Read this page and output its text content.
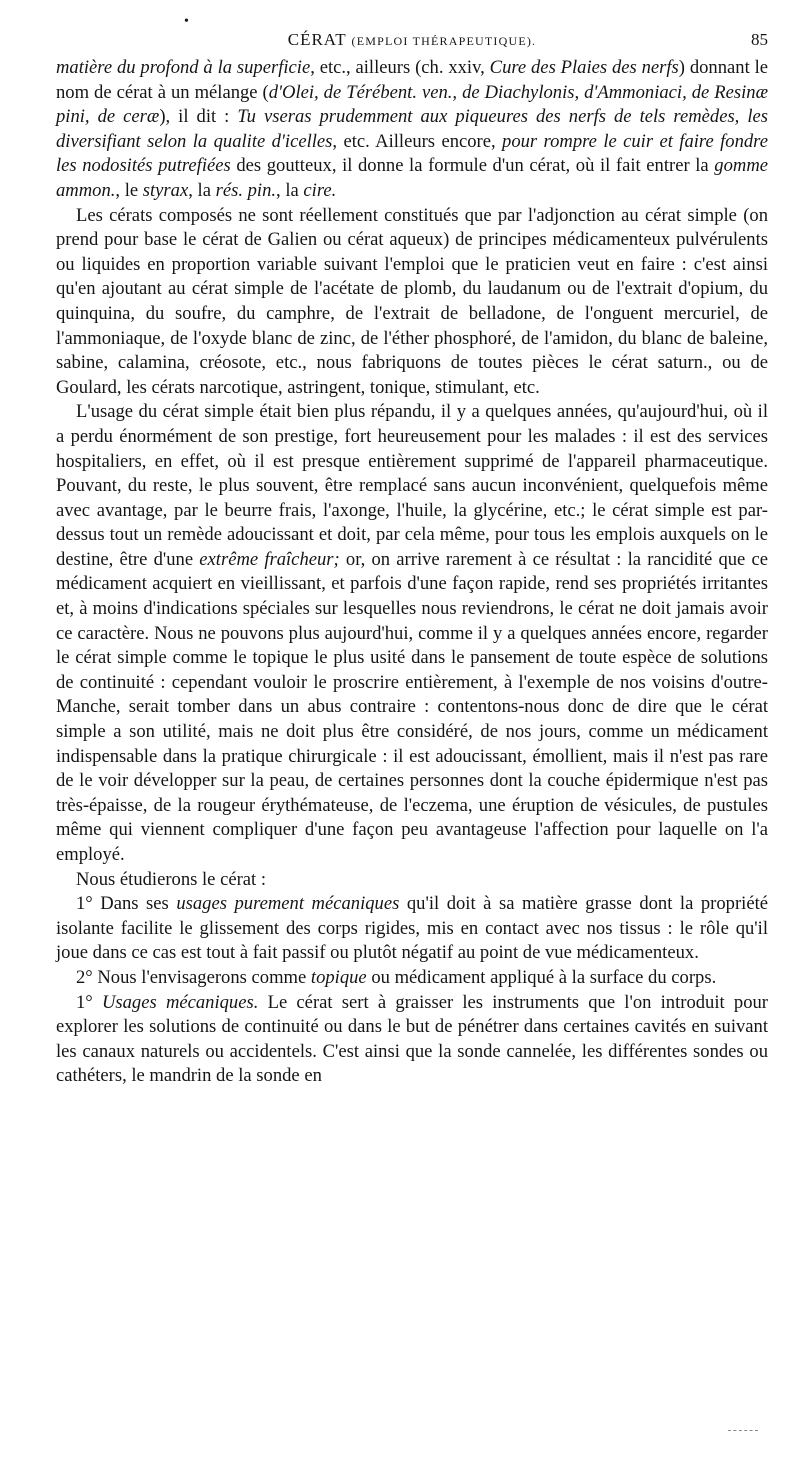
•
CÉRAT (EMPLOI THÉRAPEUTIQUE).	85

matière du profond à la superficie, etc., ailleurs (ch. xxiv, Cure des Plaies des nerfs) donnant le nom de cérat à un mélange (d'Olei, de Térébent. ven., de Diachylonis, d'Ammoniaci, de Resinæ pini, de ceræ), il dit : Tu vseras prudemment aux piqueures des nerfs de tels remèdes, les diversifiant selon la qualite d'icelles, etc. Ailleurs encore, pour rompre le cuir et faire fondre les nodosités putrefiées des goutteux, il donne la formule d'un cérat, où il fait entrer la gomme ammon., le styrax, la rés. pin., la cire.

Les cérats composés ne sont réellement constitués que par l'adjonction au cérat simple (on prend pour base le cérat de Galien ou cérat aqueux) de principes médicamenteux pulvérulents ou liquides en proportion variable suivant l'emploi que le praticien veut en faire : c'est ainsi qu'en ajoutant au cérat simple de l'acétate de plomb, du laudanum ou de l'extrait d'opium, du quinquina, du soufre, du camphre, de l'extrait de belladone, de l'onguent mercuriel, de l'ammoniaque, de l'oxyde blanc de zinc, de l'éther phosphoré, de l'amidon, du blanc de baleine, sabine, calamina, créosote, etc., nous fabriquons de toutes pièces le cérat saturn., ou de Goulard, les cérats narcotique, astringent, tonique, stimulant, etc.

L'usage du cérat simple était bien plus répandu, il y a quelques années, qu'aujourd'hui, où il a perdu énormément de son prestige, fort heureusement pour les malades : il est des services hospitaliers, en effet, où il est presque entièrement supprimé de l'appareil pharmaceutique. Pouvant, du reste, le plus souvent, être remplacé sans aucun inconvénient, quelquefois même avec avantage, par le beurre frais, l'axonge, l'huile, la glycérine, etc.; le cérat simple est par-dessus tout un remède adoucissant et doit, par cela même, pour tous les emplois auxquels on le destine, être d'une extrême fraîcheur; or, on arrive rarement à ce résultat : la rancidité que ce médicament acquiert en vieillissant, et parfois d'une façon rapide, rend ses propriétés irritantes et, à moins d'indications spéciales sur lesquelles nous reviendrons, le cérat ne doit jamais avoir ce caractère. Nous ne pouvons plus aujourd'hui, comme il y a quelques années encore, regarder le cérat simple comme le topique le plus usité dans le pansement de toute espèce de solutions de continuité : cependant vouloir le proscrire entièrement, à l'exemple de nos voisins d'outre-Manche, serait tomber dans un abus contraire : contentons-nous donc de dire que le cérat simple a son utilité, mais ne doit plus être considéré, de nos jours, comme un médicament indispensable dans la pratique chirurgicale : il est adoucissant, émollient, mais il n'est pas rare de le voir développer sur la peau, de certaines personnes dont la couche épidermique n'est pas très-épaisse, de la rougeur érythémateuse, de l'eczema, une éruption de vésicules, de pustules même qui viennent compliquer d'une façon peu avantageuse l'affection pour laquelle on l'a employé.

Nous étudierons le cérat :

1° Dans ses usages purement mécaniques qu'il doit à sa matière grasse dont la propriété isolante facilite le glissement des corps rigides, mis en contact avec nos tissus : le rôle qu'il joue dans ce cas est tout à fait passif ou plutôt négatif au point de vue médicamenteux.

2° Nous l'envisagerons comme topique ou médicament appliqué à la surface du corps.

1° Usages mécaniques. Le cérat sert à graisser les instruments que l'on introduit pour explorer les solutions de continuité ou dans le but de pénétrer dans certaines cavités en suivant les canaux naturels ou accidentels. C'est ainsi que la sonde cannelée, les différentes sondes ou cathéters, le mandrin de la sonde en
